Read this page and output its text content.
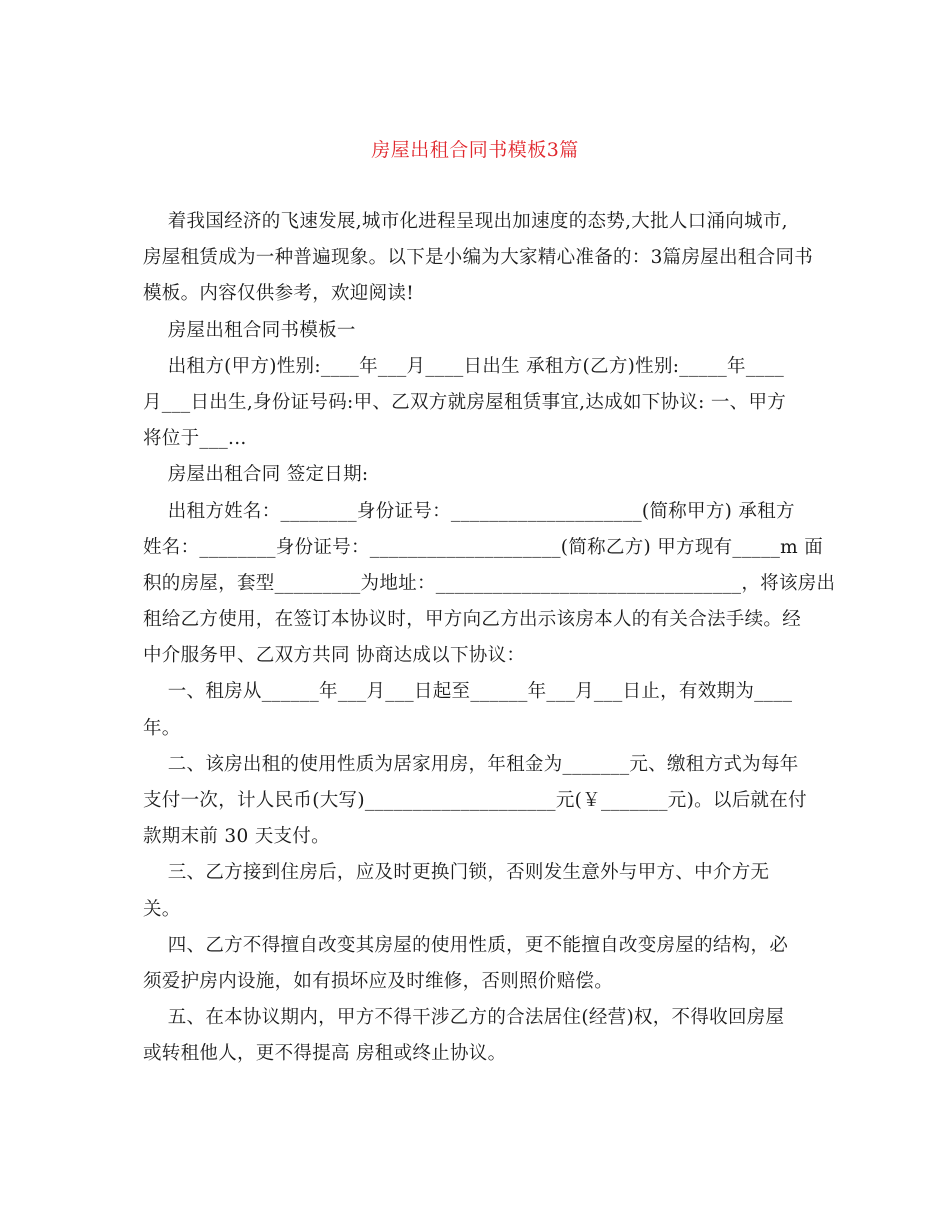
房屋出租合同书模板3篇
着我国经济的飞速发展,城市化进程呈现出加速度的态势,大批人口涌向城市,
房屋租赁成为一种普遍现象。以下是小编为大家精心准备的：3篇房屋出租合同书
模板。内容仅供参考，欢迎阅读!
房屋出租合同书模板一
出租方(甲方)性别:____年___月____日出生 承租方(乙方)性别:_____年____
月___日出生,身份证号码:甲、乙双方就房屋租赁事宜,达成如下协议: 一、甲方
将位于___...
房屋出租合同 签定日期:
出租方姓名：________身份证号：____________________(简称甲方) 承租方
姓名：________身份证号：____________________(简称乙方) 甲方现有_____m 面
积的房屋，套型_________为地址：________________________________，将该房出
租给乙方使用，在签订本协议时，甲方向乙方出示该房本人的有关合法手续。经
中介服务甲、乙双方共同 协商达成以下协议：
一、租房从______年___月___日起至______年___月___日止，有效期为____
年。
二、该房出租的使用性质为居家用房，年租金为_______元、缴租方式为每年
支付一次，计人民币(大写)____________________元(￥_______元)。以后就在付
款期末前 30 天支付。
三、乙方接到住房后，应及时更换门锁，否则发生意外与甲方、中介方无
关。
四、乙方不得擅自改变其房屋的使用性质，更不能擅自改变房屋的结构，必
须爱护房内设施，如有损坏应及时维修，否则照价赔偿。
五、在本协议期内，甲方不得干涉乙方的合法居住(经营)权，不得收回房屋
或转租他人，更不得提高 房租或终止协议。
